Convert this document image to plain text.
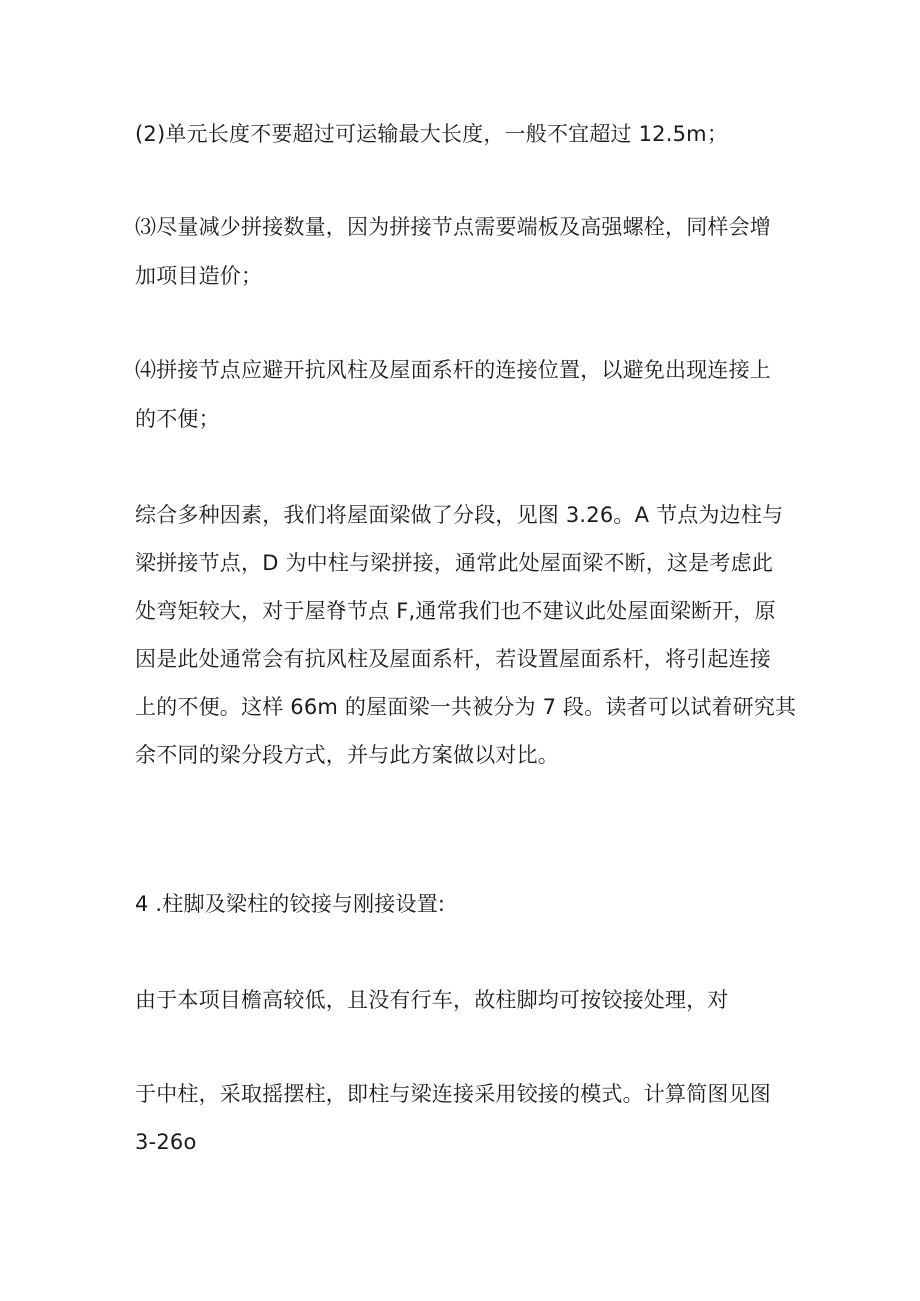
(2)单元长度不要超过可运输最大长度，一般不宜超过 12.5m；
⑶尽量减少拼接数量，因为拼接节点需要端板及高强螺栓，同样会增
加项目造价；
⑷拼接节点应避开抗风柱及屋面系杆的连接位置，以避免出现连接上
的不便；
综合多种因素，我们将屋面梁做了分段，见图 3.26。A 节点为边柱与
梁拼接节点，D 为中柱与梁拼接，通常此处屋面梁不断，这是考虑此
处弯矩较大，对于屋脊节点 F,通常我们也不建议此处屋面梁断开，原
因是此处通常会有抗风柱及屋面系杆，若设置屋面系杆，将引起连接
上的不便。这样 66m 的屋面梁一共被分为 7 段。读者可以试着研究其
余不同的梁分段方式，并与此方案做以对比。
4 .柱脚及梁柱的铰接与刚接设置:
由于本项目檐高较低，且没有行车，故柱脚均可按铰接处理，对
于中柱，采取摇摆柱，即柱与梁连接采用铰接的模式。计算简图见图
3-26o
